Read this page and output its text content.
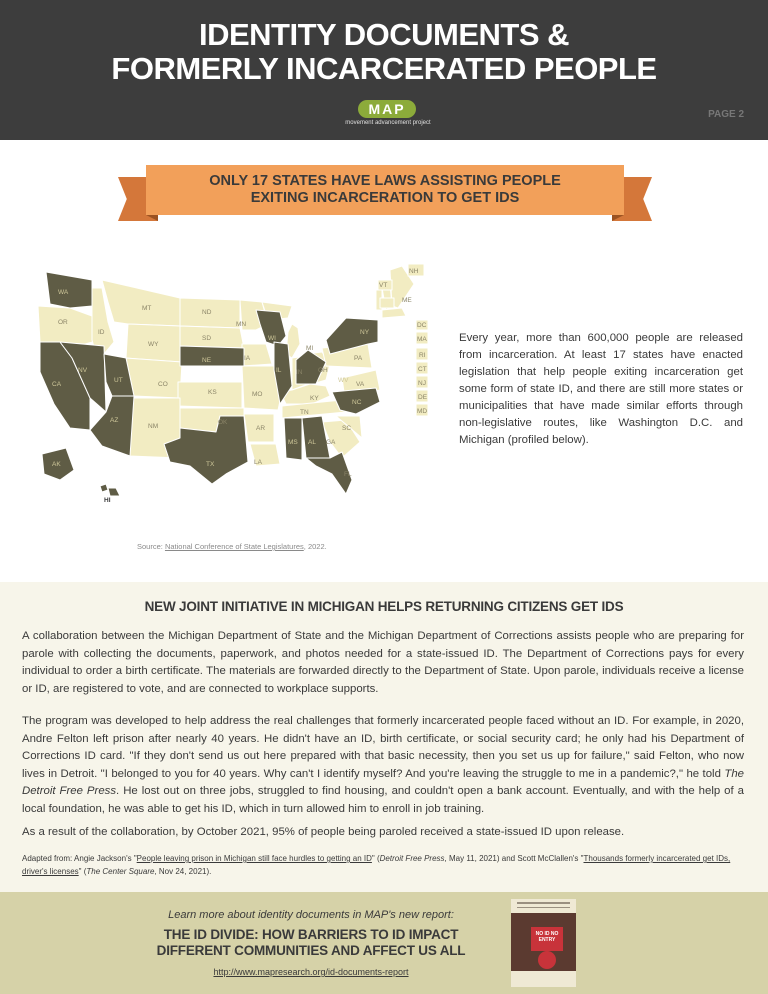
IDENTITY DOCUMENTS &
FORMERLY INCARCERATED PEOPLE
MAP
movement advancement project
PAGE 2
ONLY 17 STATES HAVE LAWS ASSISTING PEOPLE
EXITING INCARCERATION TO GET IDS
WA
OR
CA
NV
ID
MT
WY
UT
AZ
NM
CO
ND
SD
NE
KS
OK
TX
MN
IA
MO
AR
LA
WI
IL
MI
IN OH
KY
TN
MS AL GA
FL
SC
NC
VA
WV
PA
NY
VT
NH
ME
MA
RI
CT
NJ
DE
MD
DC
AK
HI
Source: National Conference of State Legislatures, 2022.
Every year, more than 600,000 people are released from incarceration. At least 17 states have enacted legislation that help people exiting incarceration get some form of state ID, and there are still more states or municipalities that have made similar efforts through non-legislative routes, like Washington D.C. and Michigan (profiled below).
NEW JOINT INITIATIVE IN MICHIGAN HELPS RETURNING CITIZENS GET IDS

A collaboration between the Michigan Department of State and the Michigan Department of Corrections assists people who are preparing for parole with collecting the documents, paperwork, and photos needed for a state-issued ID. The Department of Corrections pays for every individual to order a birth certificate. The materials are forwarded directly to the Department of State. Upon parole, individuals receive a license or ID, are registered to vote, and are connected to workplace supports.

The program was developed to help address the real challenges that formerly incarcerated people faced without an ID. For example, in 2020, Andre Felton left prison after nearly 40 years. He didn't have an ID, birth certificate, or social security card; he only had his Department of Corrections ID card. "If they don't send us out here prepared with that basic necessity, then you set us up for failure," said Felton, who now lives in Detroit. "I belonged to you for 40 years. Why can't I identify myself? And you're leaving the struggle to me in a pandemic?," he told The Detroit Free Press. He lost out on three jobs, struggled to find housing, and couldn't open a bank account. Eventually, and with the help of a local foundation, he was able to get his ID, which in turn allowed him to enroll in job training.

As a result of the collaboration, by October 2021, 95% of people being paroled received a state-issued ID upon release.

Adapted from: Angie Jackson's "People leaving prison in Michigan still face hurdles to getting an ID" (Detroit Free Press, May 11, 2021) and Scott McClallen's "Thousands formerly incarcerated get IDs, driver's licenses" (The Center Square, Nov 24, 2021).

Learn more about identity documents in MAP's new report:
THE ID DIVIDE: HOW BARRIERS TO ID IMPACT
DIFFERENT COMMUNITIES AND AFFECT US ALL
http://www.mapresearch.org/id-documents-report
NO ID NO ENTRY
